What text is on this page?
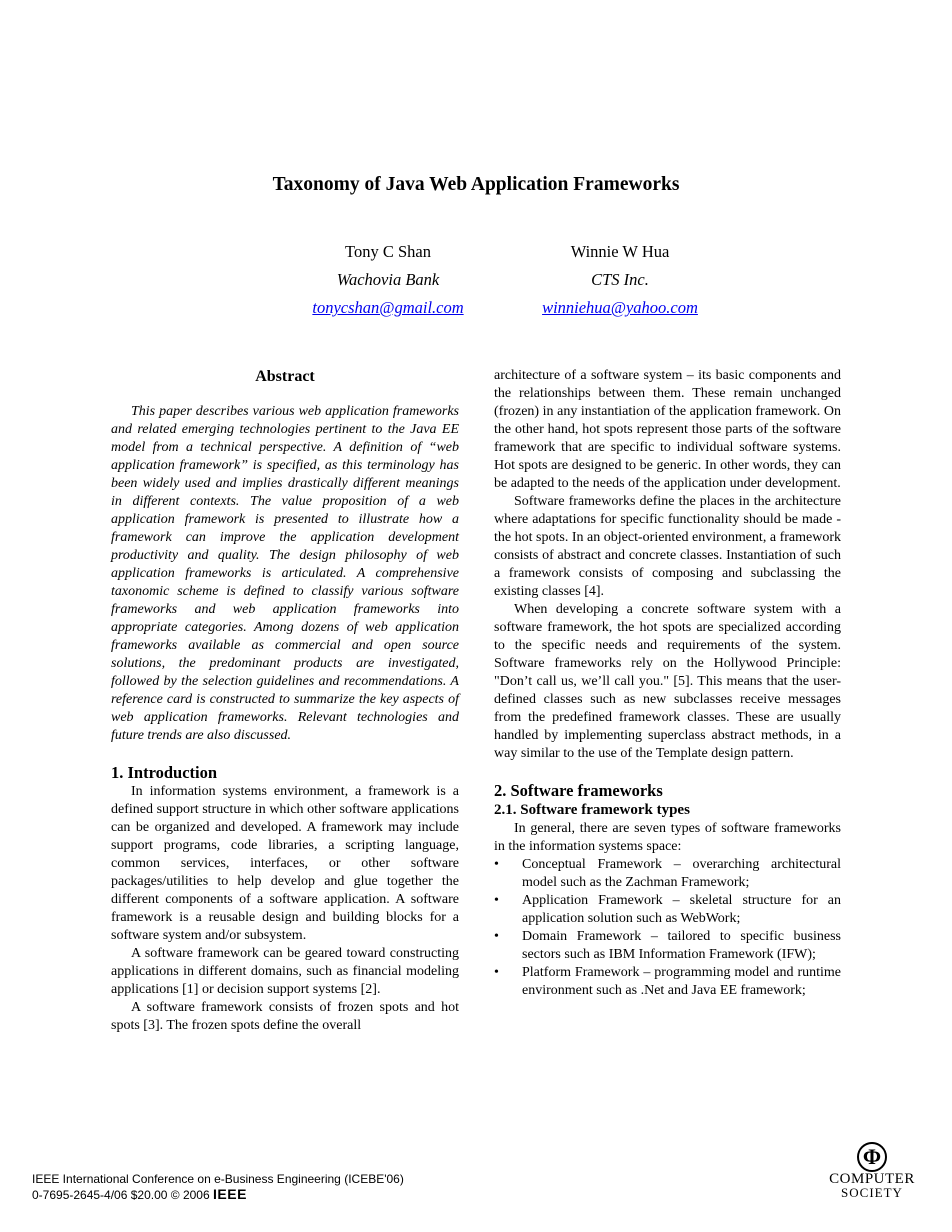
Taxonomy of Java Web Application Frameworks
Tony C Shan
Wachovia Bank
tonycshan@gmail.com
Winnie W Hua
CTS Inc.
winniehua@yahoo.com
Abstract

This paper describes various web application frameworks and related emerging technologies pertinent to the Java EE model from a technical perspective. A definition of “web application framework” is specified, as this terminology has been widely used and implies drastically different meanings in different contexts. The value proposition of a web application framework is presented to illustrate how a framework can improve the application development productivity and quality. The design philosophy of web application frameworks is articulated. A comprehensive taxonomic scheme is defined to classify various software frameworks and web application frameworks into appropriate categories. Among dozens of web application frameworks available as commercial and open source solutions, the predominant products are investigated, followed by the selection guidelines and recommendations. A reference card is constructed to summarize the key aspects of web application frameworks. Relevant technologies and future trends are also discussed.

1. Introduction

In information systems environment, a framework is a defined support structure in which other software applications can be organized and developed. A framework may include support programs, code libraries, a scripting language, common services, interfaces, or other software packages/utilities to help develop and glue together the different components of a software application. A software framework is a reusable design and building blocks for a software system and/or subsystem.

A software framework can be geared toward constructing applications in different domains, such as financial modeling applications [1] or decision support systems [2].

A software framework consists of frozen spots and hot spots [3]. The frozen spots define the overall

architecture of a software system – its basic components and the relationships between them. These remain unchanged (frozen) in any instantiation of the application framework. On the other hand, hot spots represent those parts of the software framework that are specific to individual software systems. Hot spots are designed to be generic. In other words, they can be adapted to the needs of the application under development.

Software frameworks define the places in the architecture where adaptations for specific functionality should be made - the hot spots. In an object-oriented environment, a framework consists of abstract and concrete classes. Instantiation of such a framework consists of composing and subclassing the existing classes [4].

When developing a concrete software system with a software framework, the hot spots are specialized according to the specific needs and requirements of the system. Software frameworks rely on the Hollywood Principle: "Don’t call us, we’ll call you." [5]. This means that the user-defined classes such as new subclasses receive messages from the predefined framework classes. These are usually handled by implementing superclass abstract methods, in a way similar to the use of the Template design pattern.

2. Software frameworks
2.1. Software framework types

In general, there are seven types of software frameworks in the information systems space:

• Conceptual Framework – overarching architectural model such as the Zachman Framework;
• Application Framework – skeletal structure for an application solution such as WebWork;
• Domain Framework – tailored to specific business sectors such as IBM Information Framework (IFW);
• Platform Framework – programming model and runtime environment such as .Net and Java EE framework;
IEEE International Conference on e-Business Engineering (ICEBE'06)
0-7695-2645-4/06 $20.00 © 2006 IEEE
Φ
COMPUTER
SOCIETY
